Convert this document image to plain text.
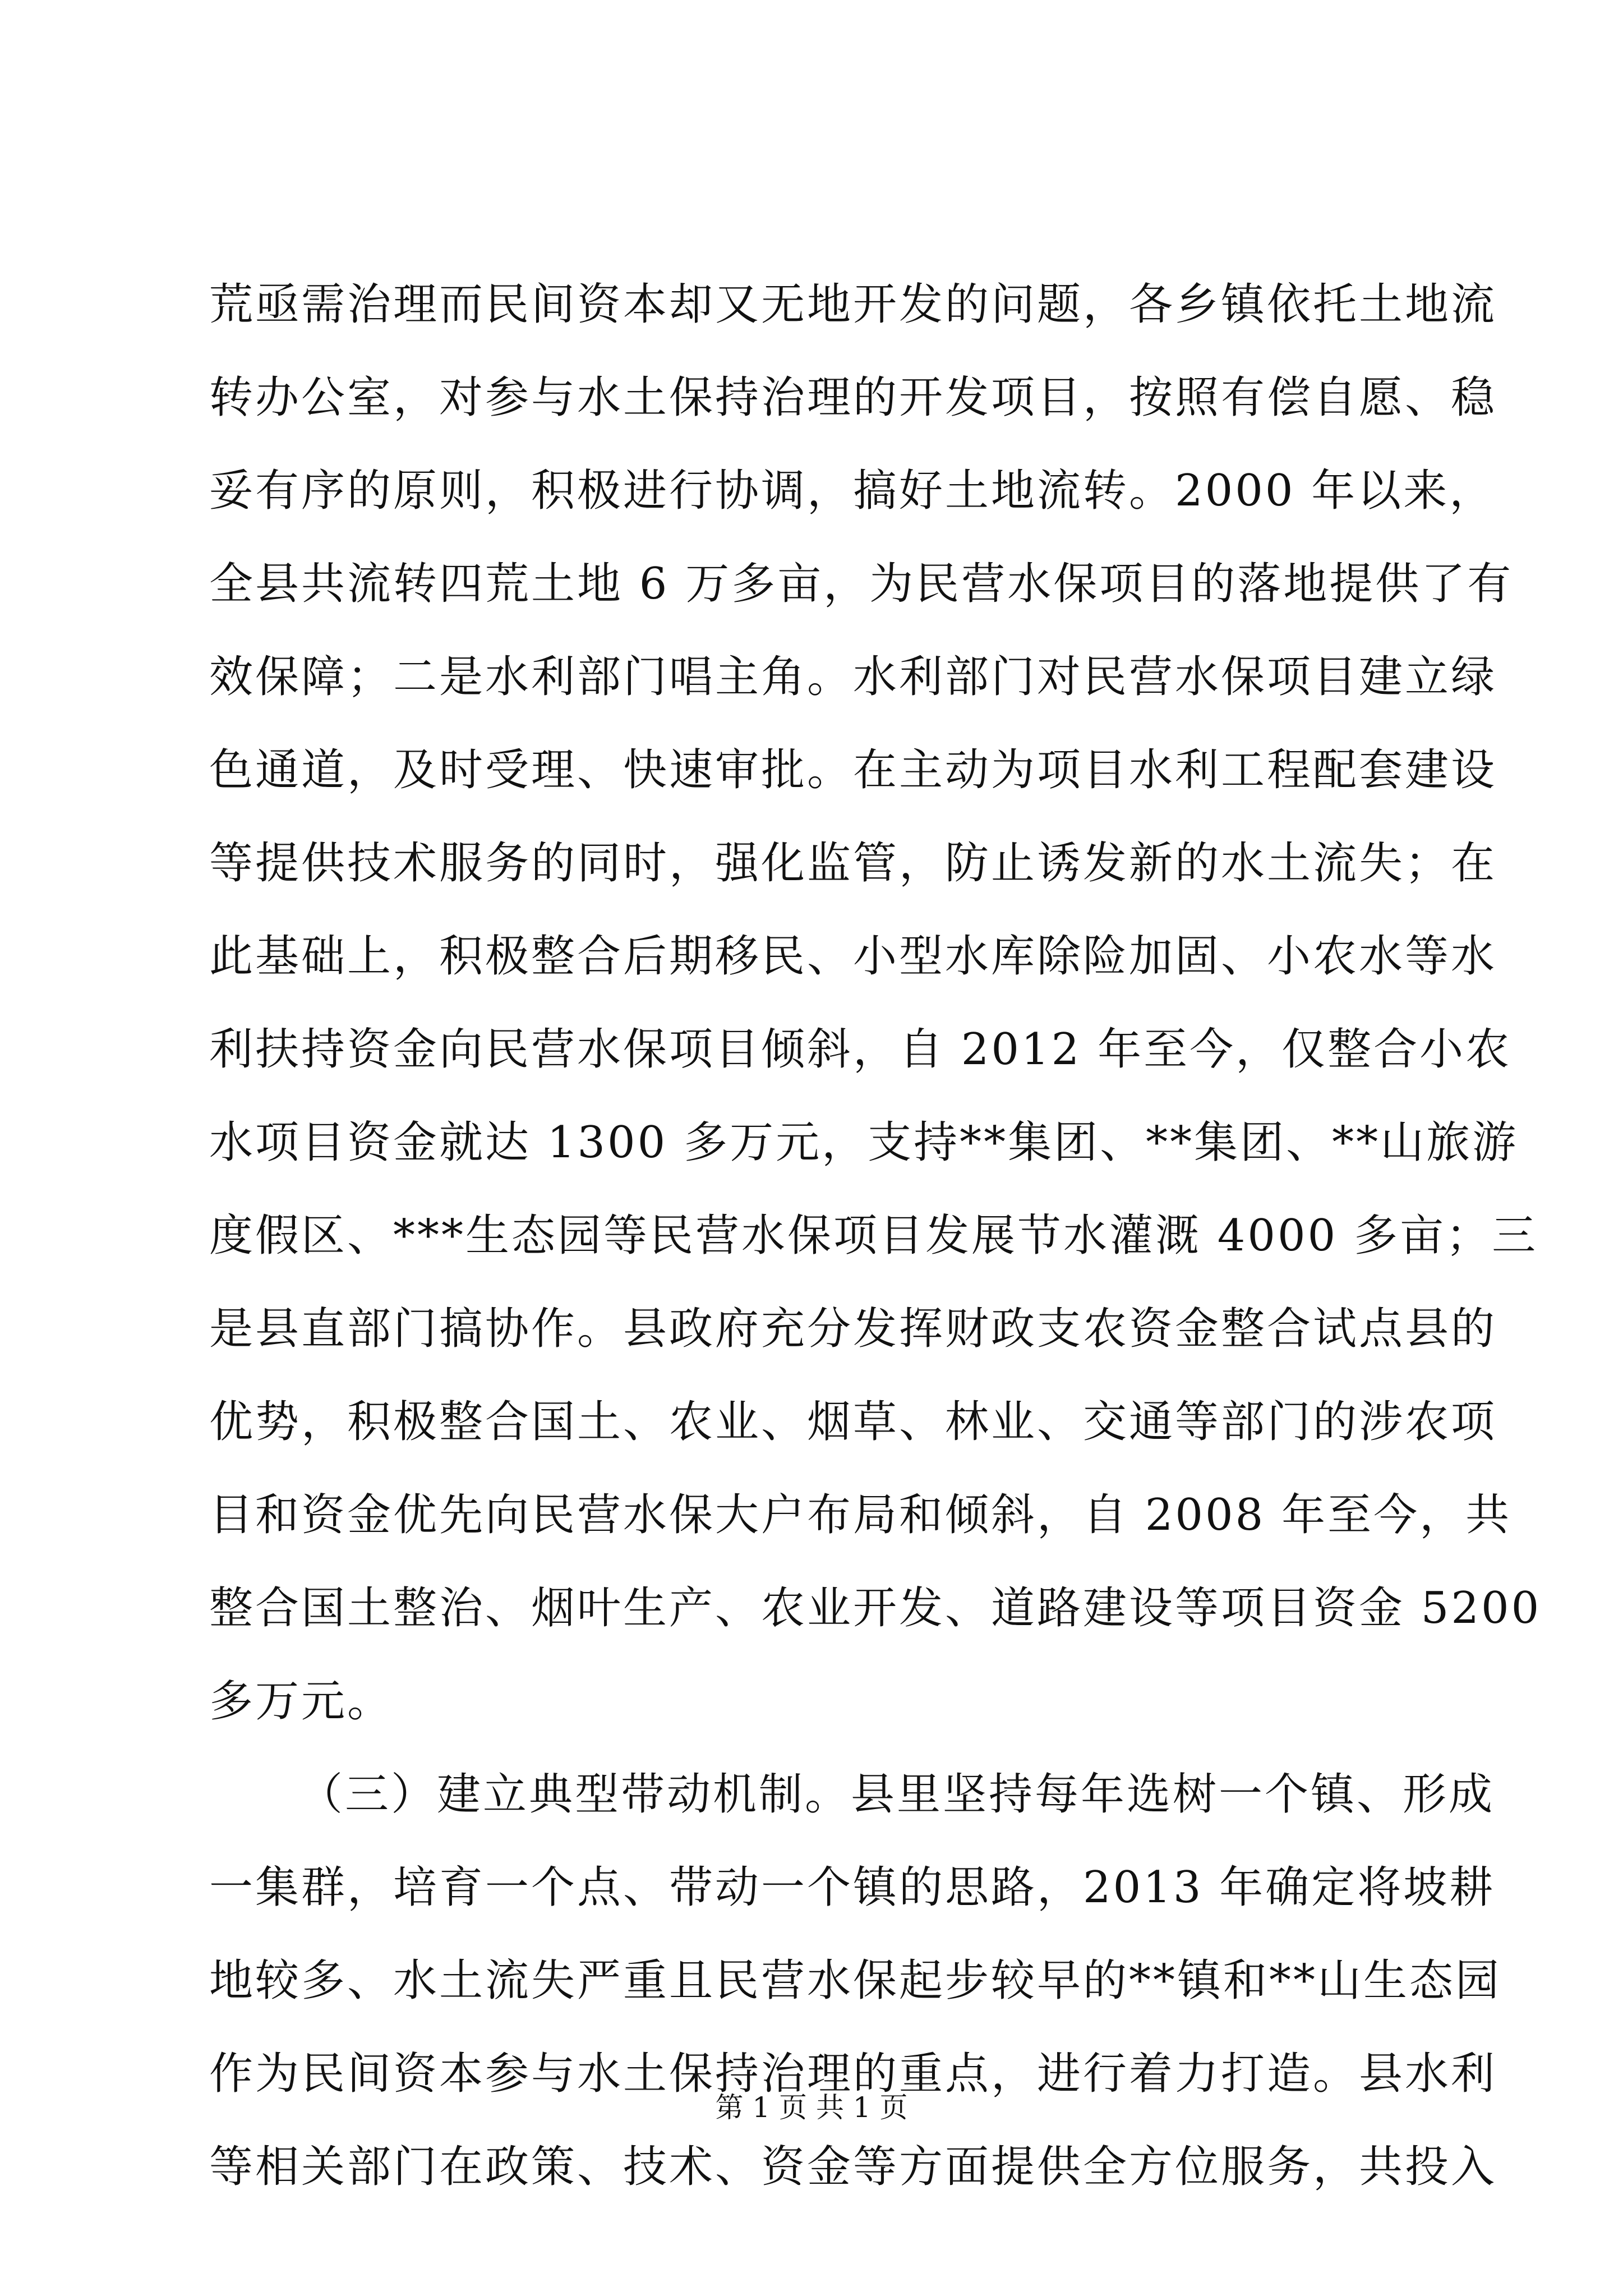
荒亟需治理而民间资本却又无地开发的问题，各乡镇依托土地流
转办公室，对参与水土保持治理的开发项目，按照有偿自愿、稳
妥有序的原则，积极进行协调，搞好土地流转。2000 年以来，
全县共流转四荒土地 6 万多亩，为民营水保项目的落地提供了有
效保障；二是水利部门唱主角。水利部门对民营水保项目建立绿
色通道，及时受理、快速审批。在主动为项目水利工程配套建设
等提供技术服务的同时，强化监管，防止诱发新的水土流失；在
此基础上，积极整合后期移民、小型水库除险加固、小农水等水
利扶持资金向民营水保项目倾斜，自 2012 年至今，仅整合小农
水项目资金就达 1300 多万元，支持**集团、**集团、**山旅游
度假区、***生态园等民营水保项目发展节水灌溉 4000 多亩；三
是县直部门搞协作。县政府充分发挥财政支农资金整合试点县的
优势，积极整合国土、农业、烟草、林业、交通等部门的涉农项
目和资金优先向民营水保大户布局和倾斜，自 2008 年至今，共
整合国土整治、烟叶生产、农业开发、道路建设等项目资金 5200
多万元。
（三）建立典型带动机制。县里坚持每年选树一个镇、形成
一集群，培育一个点、带动一个镇的思路，2013 年确定将坡耕
地较多、水土流失严重且民营水保起步较早的**镇和**山生态园
作为民间资本参与水土保持治理的重点，进行着力打造。县水利
等相关部门在政策、技术、资金等方面提供全方位服务，共投入
第 1 页 共 1 页
